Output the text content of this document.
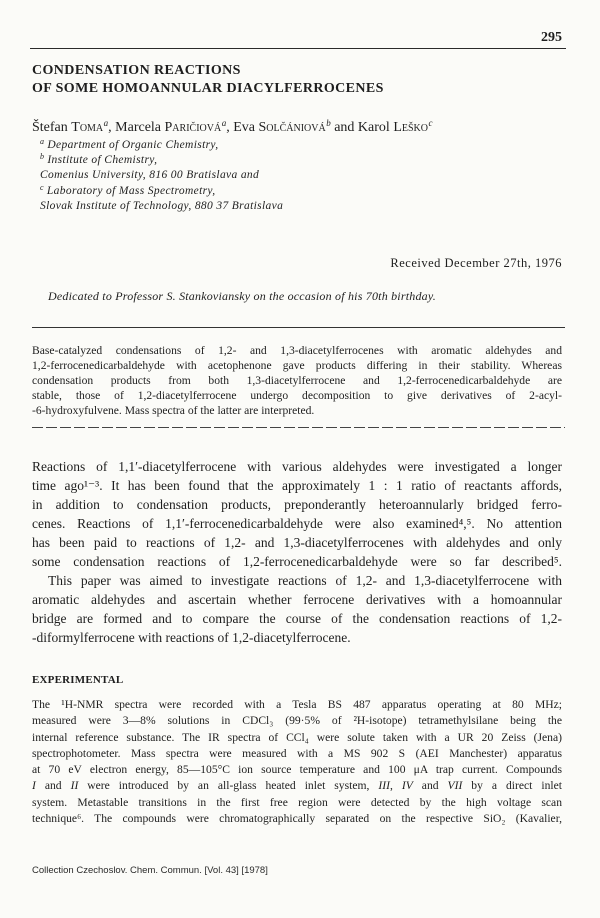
295
CONDENSATION REACTIONS
OF SOME HOMOANNULAR DIACYLFERROCENES
Štefan Toma$^a$, Marcela Paričiová$^a$, Eva Solčániová$^b$ and Karol Leško$^c$
$^a$ Department of Organic Chemistry,
$^b$ Institute of Chemistry,
Comenius University, 816 00 Bratislava and
$^c$ Laboratory of Mass Spectrometry,
Slovak Institute of Technology, 880 37 Bratislava
Received December 27th, 1976
Dedicated to Professor S. Stankoviansky on the occasion of his 70th birthday.
Base-catalyzed condensations of 1,2- and 1,3-diacetylferrocenes with aromatic aldehydes and
1,2-ferrocenedicarbaldehyde with acetophenone gave products differing in their stability. Whereas
condensation products from both 1,3-diacetylferrocene and 1,2-ferrocenedicarbaldehyde are
stable, those of 1,2-diacetylferrocene undergo decomposition to give derivatives of 2-acyl-
-6-hydroxyfulvene. Mass spectra of the latter are interpreted.
Reactions of 1,1′-diacetylferrocene with various aldehydes were investigated a longer
time ago¹⁻³. It has been found that the approximately 1 : 1 ratio of reactants affords,
in addition to condensation products, preponderantly heteroannularly bridged ferro-
cenes. Reactions of 1,1′-ferrocenedicarbaldehyde were also examined⁴,⁵. No attention
has been paid to reactions of 1,2- and 1,3-diacetylferrocenes with aldehydes and only
some condensation reactions of 1,2-ferrocenedicarbaldehyde were so far described⁵.
This paper was aimed to investigate reactions of 1,2- and 1,3-diacetylferrocene with
aromatic aldehydes and ascertain whether ferrocene derivatives with a homoannular
bridge are formed and to compare the course of the condensation reactions of 1,2-
-diformylferrocene with reactions of 1,2-diacetylferrocene.
EXPERIMENTAL
The ¹H-NMR spectra were recorded with a Tesla BS 487 apparatus operating at 80 MHz;
measured were 3—8% solutions in CDCl₃ (99·5% of ²H-isotope) tetramethylsilane being the
internal reference substance. The IR spectra of CCl₄ were solute taken with a UR 20 Zeiss (Jena)
spectrophotometer. Mass spectra were measured with a MS 902 S (AEI Manchester) apparatus
at 70 eV electron energy, 85—105°C ion source temperature and 100 μA trap current. Compounds
I and II were introduced by an all-glass heated inlet system, III, IV and VII by a direct inlet
system. Metastable transitions in the first free region were detected by the high voltage scan
technique⁶. The compounds were chromatographically separated on the respective SiO₂ (Kavalier,
Collection Czechoslov. Chem. Commun. [Vol. 43] [1978]
